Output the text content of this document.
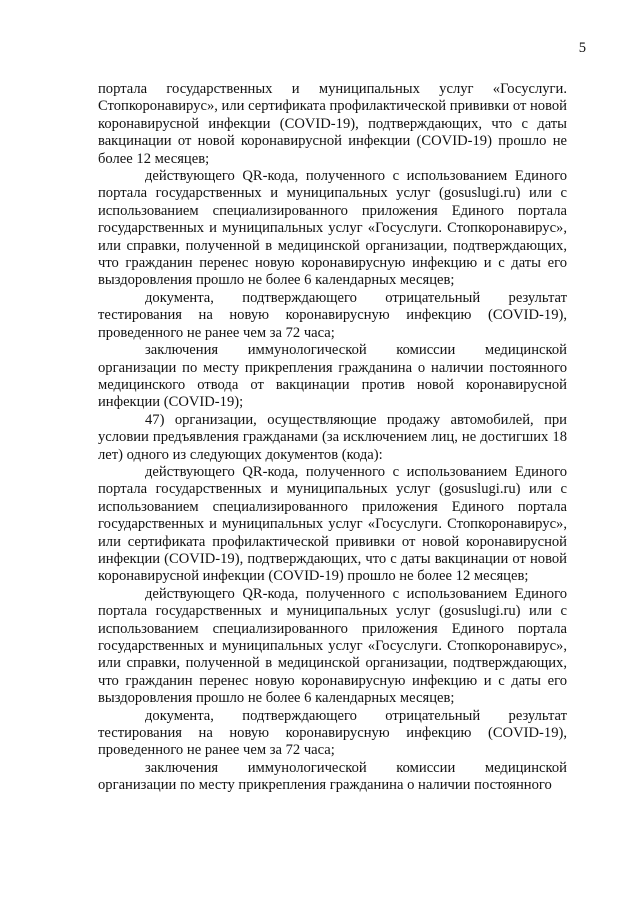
5

портала государственных и муниципальных услуг «Госуслуги. Стопкоронавирус», или сертификата профилактической прививки от новой коронавирусной инфекции (COVID-19), подтверждающих, что с даты вакцинации от новой коронавирусной инфекции (COVID-19) прошло не более 12 месяцев;

действующего QR-кода, полученного с использованием Единого портала государственных и муниципальных услуг (gosuslugi.ru) или с использованием специализированного приложения Единого портала государственных и муниципальных услуг «Госуслуги. Стопкоронавирус», или справки, полученной в медицинской организации, подтверждающих, что гражданин перенес новую коронавирусную инфекцию и с даты его выздоровления прошло не более 6 календарных месяцев;

документа, подтверждающего отрицательный результат тестирования на новую коронавирусную инфекцию (COVID-19), проведенного не ранее чем за 72 часа;

заключения иммунологической комиссии медицинской организации по месту прикрепления гражданина о наличии постоянного медицинского отвода от вакцинации против новой коронавирусной инфекции (COVID-19);

47) организации, осуществляющие продажу автомобилей, при условии предъявления гражданами (за исключением лиц, не достигших 18 лет) одного из следующих документов (кода):

действующего QR-кода, полученного с использованием Единого портала государственных и муниципальных услуг (gosuslugi.ru) или с использованием специализированного приложения Единого портала государственных и муниципальных услуг «Госуслуги. Стопкоронавирус», или сертификата профилактической прививки от новой коронавирусной инфекции (COVID-19), подтверждающих, что с даты вакцинации от новой коронавирусной инфекции (COVID-19) прошло не более 12 месяцев;

действующего QR-кода, полученного с использованием Единого портала государственных и муниципальных услуг (gosuslugi.ru) или с использованием специализированного приложения Единого портала государственных и муниципальных услуг «Госуслуги. Стопкоронавирус», или справки, полученной в медицинской организации, подтверждающих, что гражданин перенес новую коронавирусную инфекцию и с даты его выздоровления прошло не более 6 календарных месяцев;

документа, подтверждающего отрицательный результат тестирования на новую коронавирусную инфекцию (COVID-19), проведенного не ранее чем за 72 часа;

заключения иммунологической комиссии медицинской организации по месту прикрепления гражданина о наличии постоянного
